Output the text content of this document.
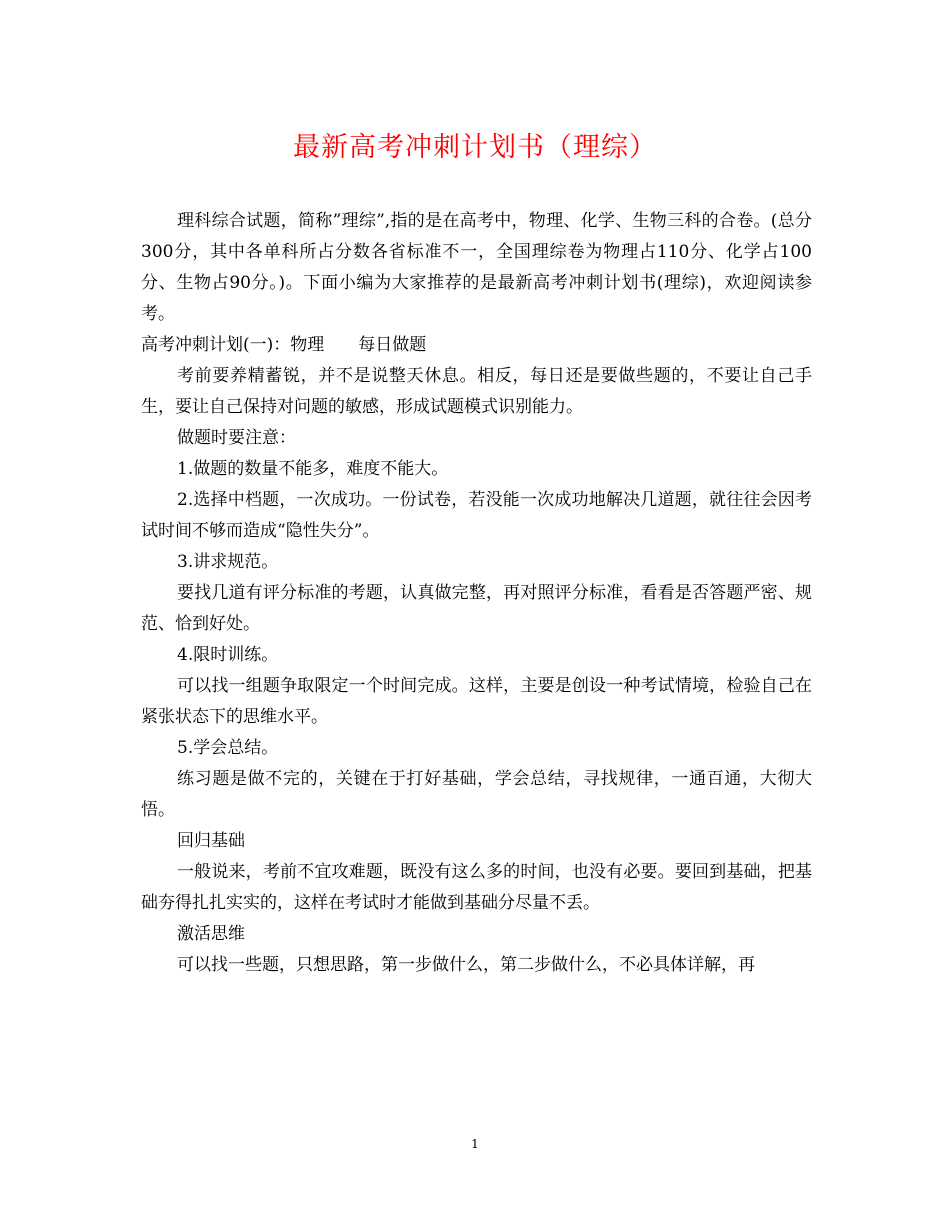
最新高考冲刺计划书（理综）

理科综合试题，简称”理综”,指的是在高考中，物理、化学、生物三科的合卷。(总分300分，其中各单科所占分数各省标准不一，全国理综卷为物理占110分、化学占100分、生物占90分。)。下面小编为大家推荐的是最新高考冲刺计划书(理综)，欢迎阅读参考。

高考冲刺计划(一)：物理　　每日做题

考前要养精蓄锐，并不是说整天休息。相反，每日还是要做些题的，不要让自己手生，要让自己保持对问题的敏感，形成试题模式识别能力。

做题时要注意：

1.做题的数量不能多，难度不能大。

2.选择中档题，一次成功。一份试卷，若没能一次成功地解决几道题，就往往会因考试时间不够而造成“隐性失分”。

3.讲求规范。

要找几道有评分标准的考题，认真做完整，再对照评分标准，看看是否答题严密、规范、恰到好处。

4.限时训练。

可以找一组题争取限定一个时间完成。这样，主要是创设一种考试情境，检验自己在紧张状态下的思维水平。

5.学会总结。

练习题是做不完的，关键在于打好基础，学会总结，寻找规律，一通百通，大彻大悟。

回归基础

一般说来，考前不宜攻难题，既没有这么多的时间，也没有必要。要回到基础，把基础夯得扎扎实实的，这样在考试时才能做到基础分尽量不丢。

激活思维

可以找一些题，只想思路，第一步做什么，第二步做什么，不必具体详解，再

1
